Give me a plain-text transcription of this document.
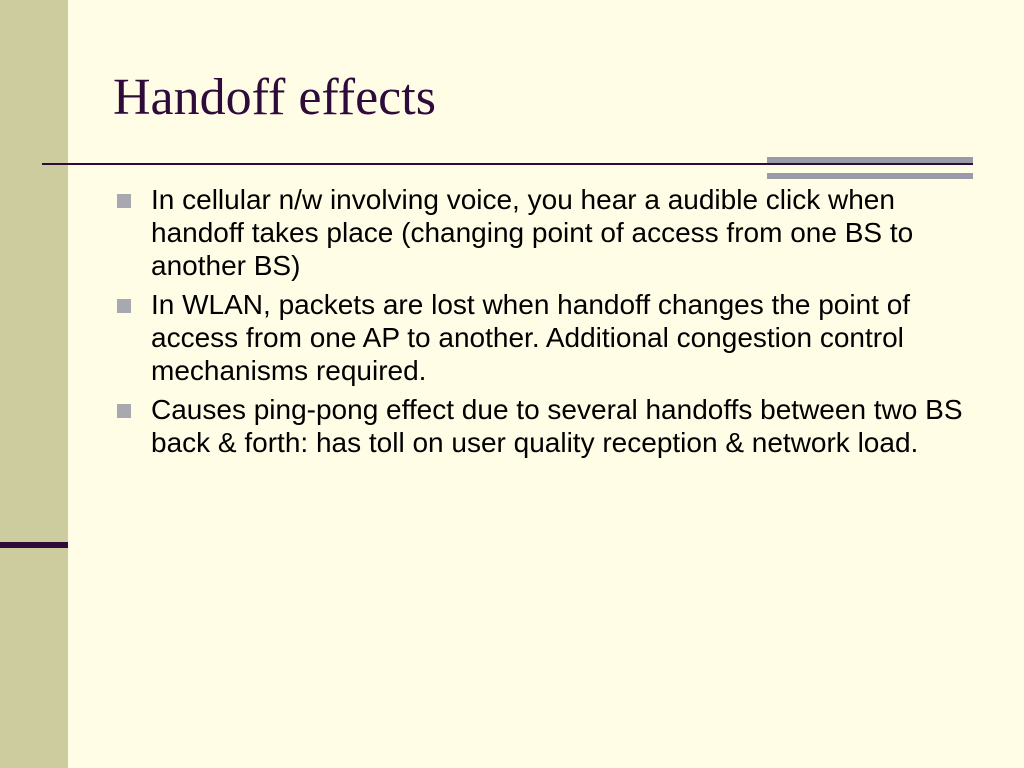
Handoff effects
In cellular n/w involving voice, you hear a audible click when handoff takes place (changing point of access from one BS to another BS)
In WLAN, packets are lost when handoff changes the point of access from one AP to another. Additional congestion control mechanisms required.
Causes ping-pong effect due to several handoffs between two BS back & forth: has toll on user quality reception & network load.
